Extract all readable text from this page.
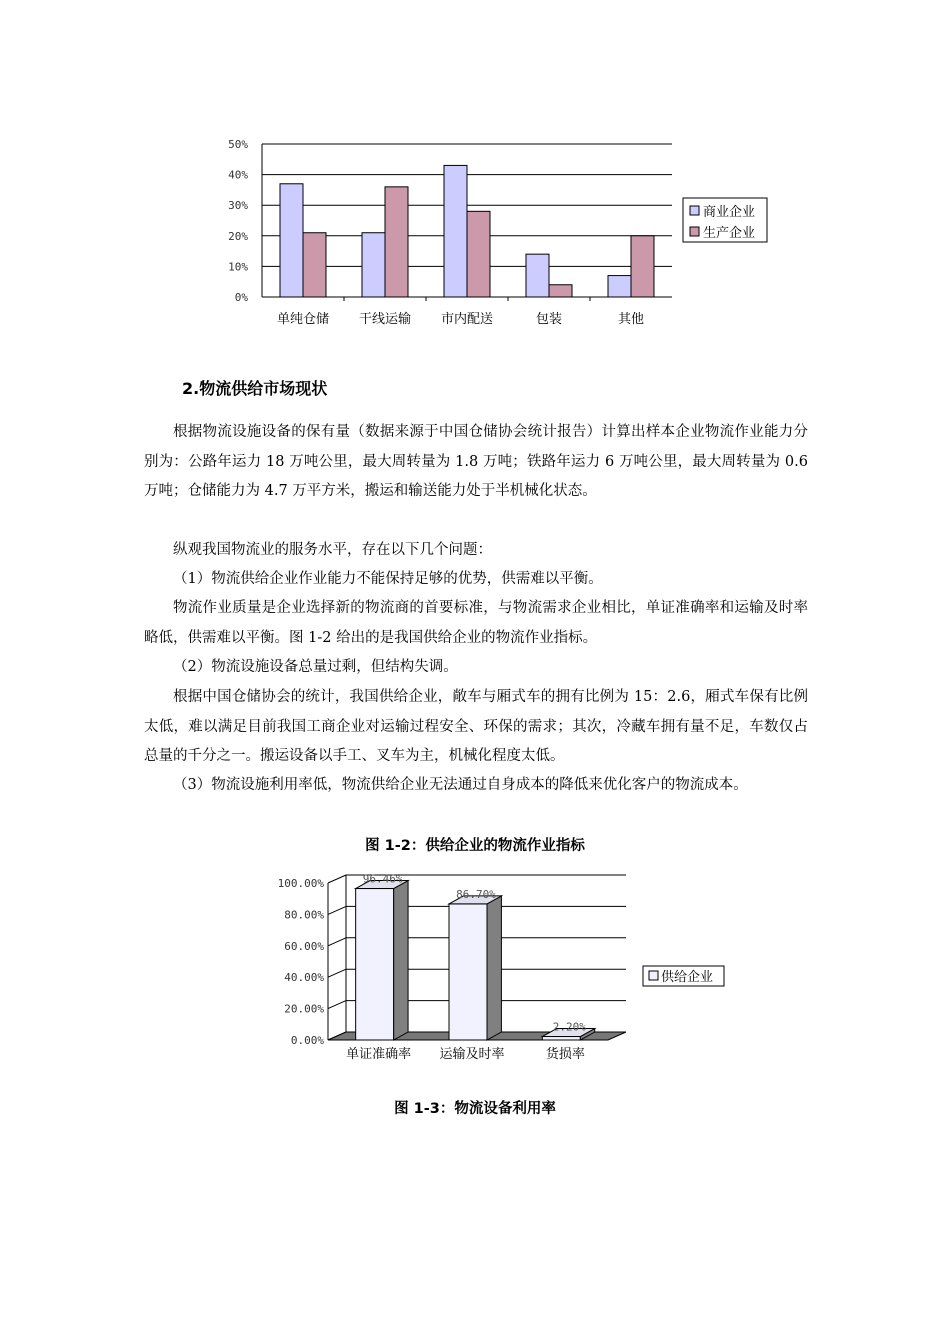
0%
10%
20%
30%
40%
50%
单纯仓储 干线运输 市内配送	包装	其他
商业企业
生产企业
2.物流供给市场现状

根据物流设施设备的保有量（数据来源于中国仓储协会统计报告）计算出样本企业物流作业能力分别为：公路年运力 18 万吨公里，最大周转量为 1.8 万吨；铁路年运力 6 万吨公里，最大周转量为 0.6 万吨；仓储能力为 4.7 万平方米，搬运和输送能力处于半机械化状态。

纵观我国物流业的服务水平，存在以下几个问题：

（1）物流供给企业作业能力不能保持足够的优势，供需难以平衡。

物流作业质量是企业选择新的物流商的首要标准，与物流需求企业相比，单证准确率和运输及时率略低，供需难以平衡。图 1-2 给出的是我国供给企业的物流作业指标。

（2）物流设施设备总量过剩，但结构失调。

根据中国仓储协会的统计，我国供给企业，敞车与厢式车的拥有比例为 15：2.6，厢式车保有比例太低，难以满足目前我国工商企业对运输过程安全、环保的需求；其次，冷藏车拥有量不足，车数仅占总量的千分之一。搬运设备以手工、叉车为主，机械化程度太低。

（3）物流设施利用率低，物流供给企业无法通过自身成本的降低来优化客户的物流成本。

图 1-2：供给企业的物流作业指标

0.00%
20.00%
40.00%
60.00%
80.00%
100.00%	96.46%
单证准确率
86.70%
运输及时率
2.20%
货损率
供给企业

图 1-3：物流设备利用率
